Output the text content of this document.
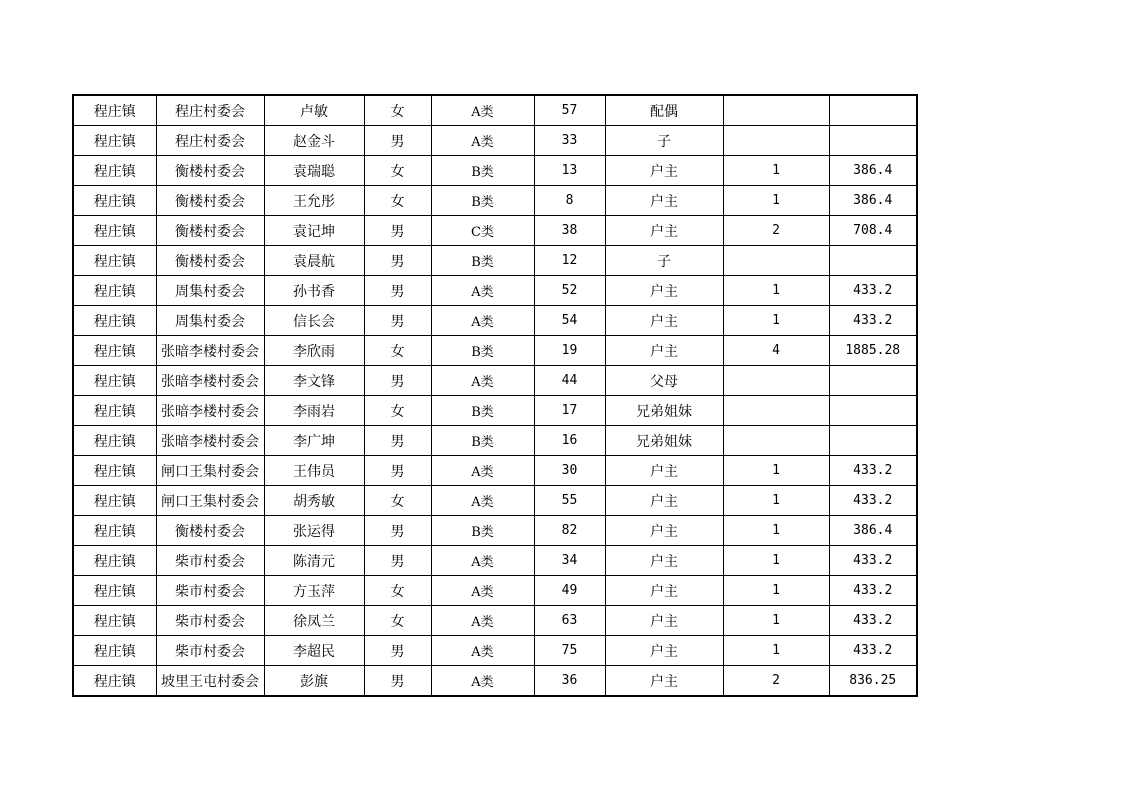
程庄镇	程庄村委会	卢敏	女	A类	57	配偶		
程庄镇	程庄村委会	赵金斗	男	A类	33	子		
程庄镇	衡楼村委会	袁瑞聪	女	B类	13	户主	1	386.4
程庄镇	衡楼村委会	王允彤	女	B类	8	户主	1	386.4
程庄镇	衡楼村委会	袁记坤	男	C类	38	户主	2	708.4
程庄镇	衡楼村委会	袁晨航	男	B类	12	子		
程庄镇	周集村委会	孙书香	男	A类	52	户主	1	433.2
程庄镇	周集村委会	信长会	男	A类	54	户主	1	433.2
程庄镇	张暗李楼村委会	李欣雨	女	B类	19	户主	4	1885.28
程庄镇	张暗李楼村委会	李文锋	男	A类	44	父母		
程庄镇	张暗李楼村委会	李雨岩	女	B类	17	兄弟姐妹		
程庄镇	张暗李楼村委会	李广坤	男	B类	16	兄弟姐妹		
程庄镇	闸口王集村委会	王伟员	男	A类	30	户主	1	433.2
程庄镇	闸口王集村委会	胡秀敏	女	A类	55	户主	1	433.2
程庄镇	衡楼村委会	张运得	男	B类	82	户主	1	386.4
程庄镇	柴市村委会	陈清元	男	A类	34	户主	1	433.2
程庄镇	柴市村委会	方玉萍	女	A类	49	户主	1	433.2
程庄镇	柴市村委会	徐凤兰	女	A类	63	户主	1	433.2
程庄镇	柴市村委会	李超民	男	A类	75	户主	1	433.2
程庄镇	坡里王屯村委会	彭旗	男	A类	36	户主	2	836.25
